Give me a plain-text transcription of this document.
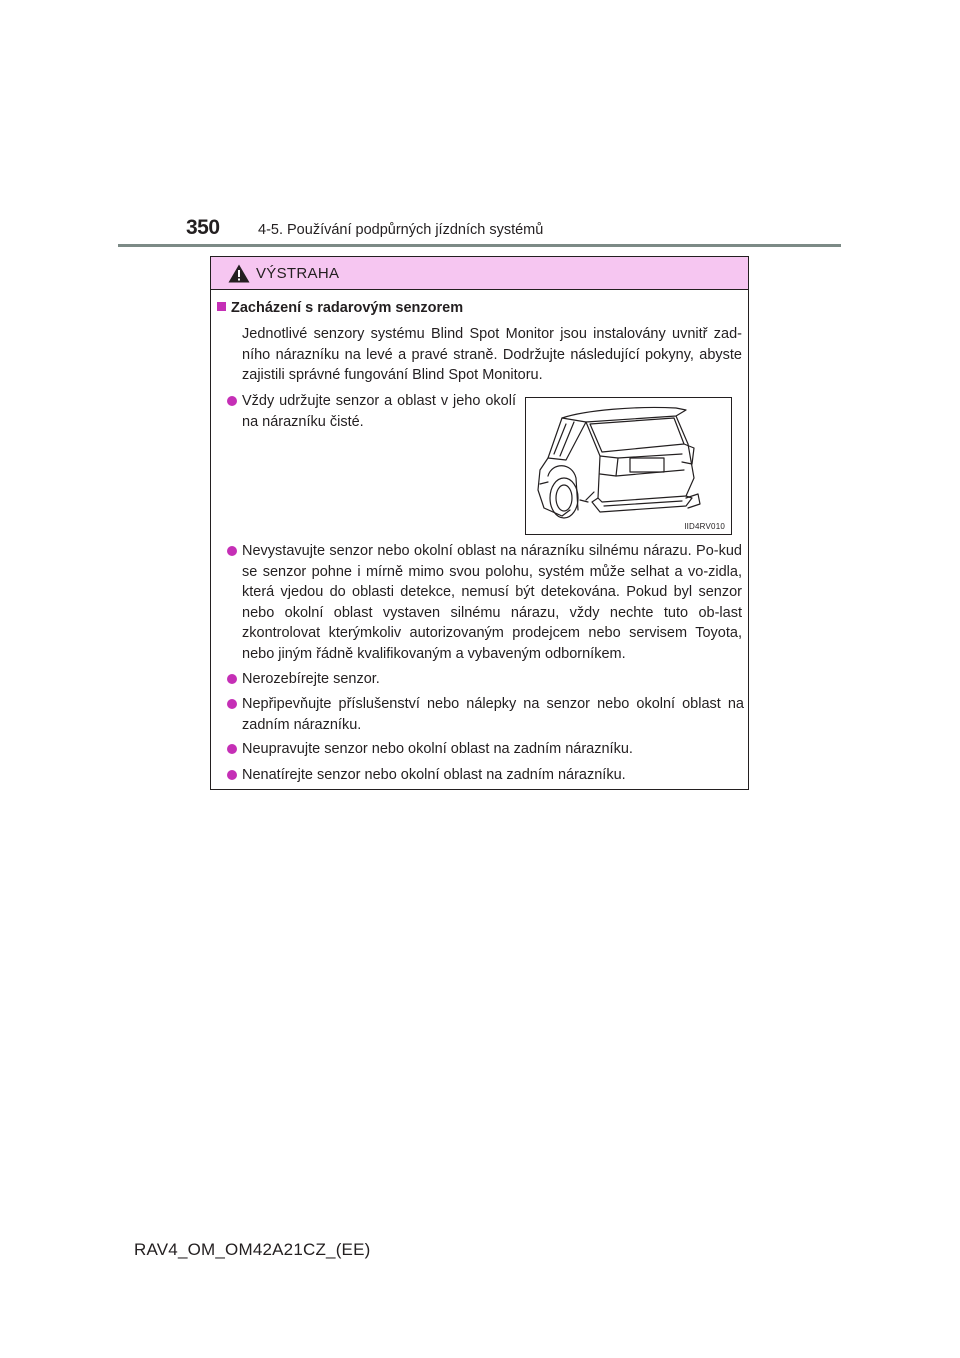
350	4-5. Používání podpůrných jízdních systémů
VÝSTRAHA
Zacházení s radarovým senzorem

Jednotlivé senzory systému Blind Spot Monitor jsou instalovány uvnitř zad-ního nárazníku na levé a pravé straně. Dodržujte následující pokyny, abyste zajistili správné fungování Blind Spot Monitoru.

Vždy udržujte senzor a oblast v jeho okolí na nárazníku čisté.
IID4RV010
Nevystavujte senzor nebo okolní oblast na nárazníku silnému nárazu. Po-kud se senzor pohne i mírně mimo svou polohu, systém může selhat a vo-zidla, která vjedou do oblasti detekce, nemusí být detekována. Pokud byl senzor nebo okolní oblast vystaven silnému nárazu, vždy nechte tuto ob-last zkontrolovat kterýmkoliv autorizovaným prodejcem nebo servisem Toyota, nebo jiným řádně kvalifikovaným a vybaveným odborníkem.
Nerozebírejte senzor.
Nepřipevňujte příslušenství nebo nálepky na senzor nebo okolní oblast na zadním nárazníku.
Neupravujte senzor nebo okolní oblast na zadním nárazníku.
Nenatírejte senzor nebo okolní oblast na zadním nárazníku.
RAV4_OM_OM42A21CZ_(EE)
